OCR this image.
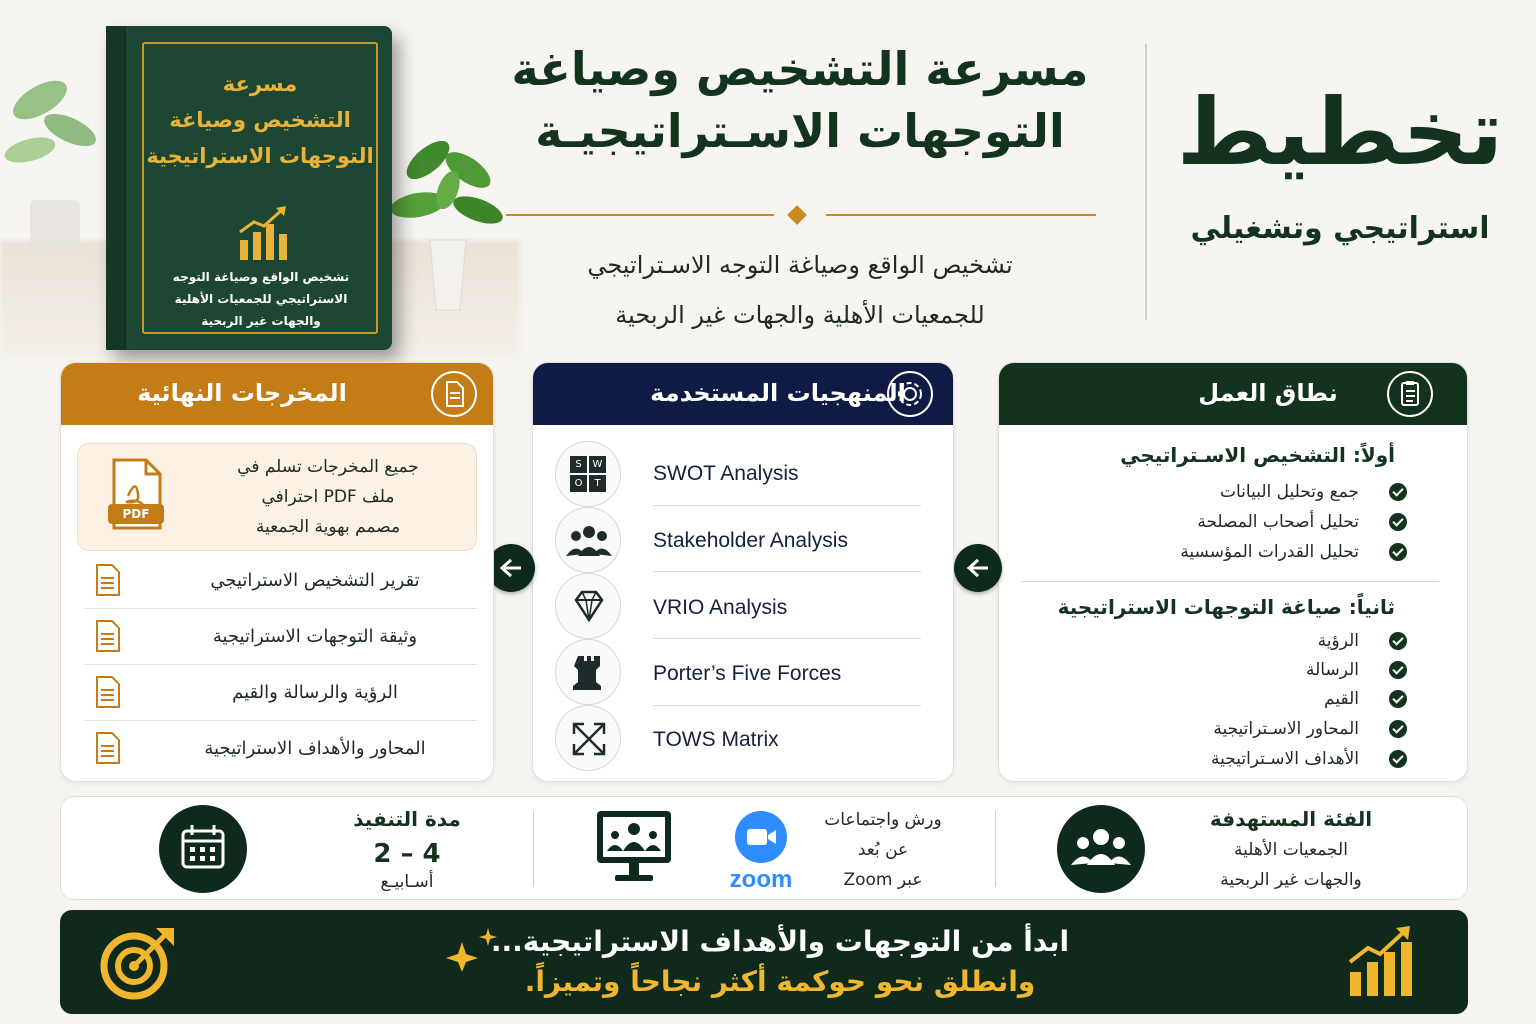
مسرعة
التشخيص وصياغة
التوجهات الاستراتيجية
تشخيص الواقع وصياغة التوجه
الاستراتيجي للجمعيات الأهلية
والجهات غير الربحية
مسرعة التشخيص وصياغة
التوجهات الاسـتراتيجيـة
تشخيص الواقع وصياغة التوجه الاسـتراتيجي
للجمعيات الأهلية والجهات غير الربحية
تخطيط
استراتيجي وتشغيلي
نطاق العمل
أولاً: التشخيص الاسـتراتيجي
جمع وتحليل البيانات
تحليل أصحاب المصلحة
تحليل القدرات المؤسسية
ثانياً: صياغة التوجهات الاستراتيجية
الرؤية
الرسالة
القيم
المحاور الاسـتراتيجية
الأهداف الاسـتراتيجية
المنهجيات المستخدمة
S	W
O	T SWOT Analysis
Stakeholder Analysis
VRIO Analysis
Porter’s Five Forces
TOWS Matrix
المخرجات النهائية
PDF
جميع المخرجات تسلم في
ملف PDF احترافي
مصمم بهوية الجمعية
تقرير التشخيص الاستراتيجي
وثيقة التوجهات الاستراتيجية
الرؤية والرسالة والقيم
المحاور والأهداف الاستراتيجية
مدة التنفيذ
2 – 4
أسـابيـع	zoom
ورش واجتماعات
عن بُعد
عبر Zoom
الفئة المستهدفة
الجمعيات الأهلية
والجهات غير الربحية
ابدأ من التوجهات والأهداف الاستراتيجية...
وانطلق نحو حوكمة أكثر نجاحاً وتميزاً.
